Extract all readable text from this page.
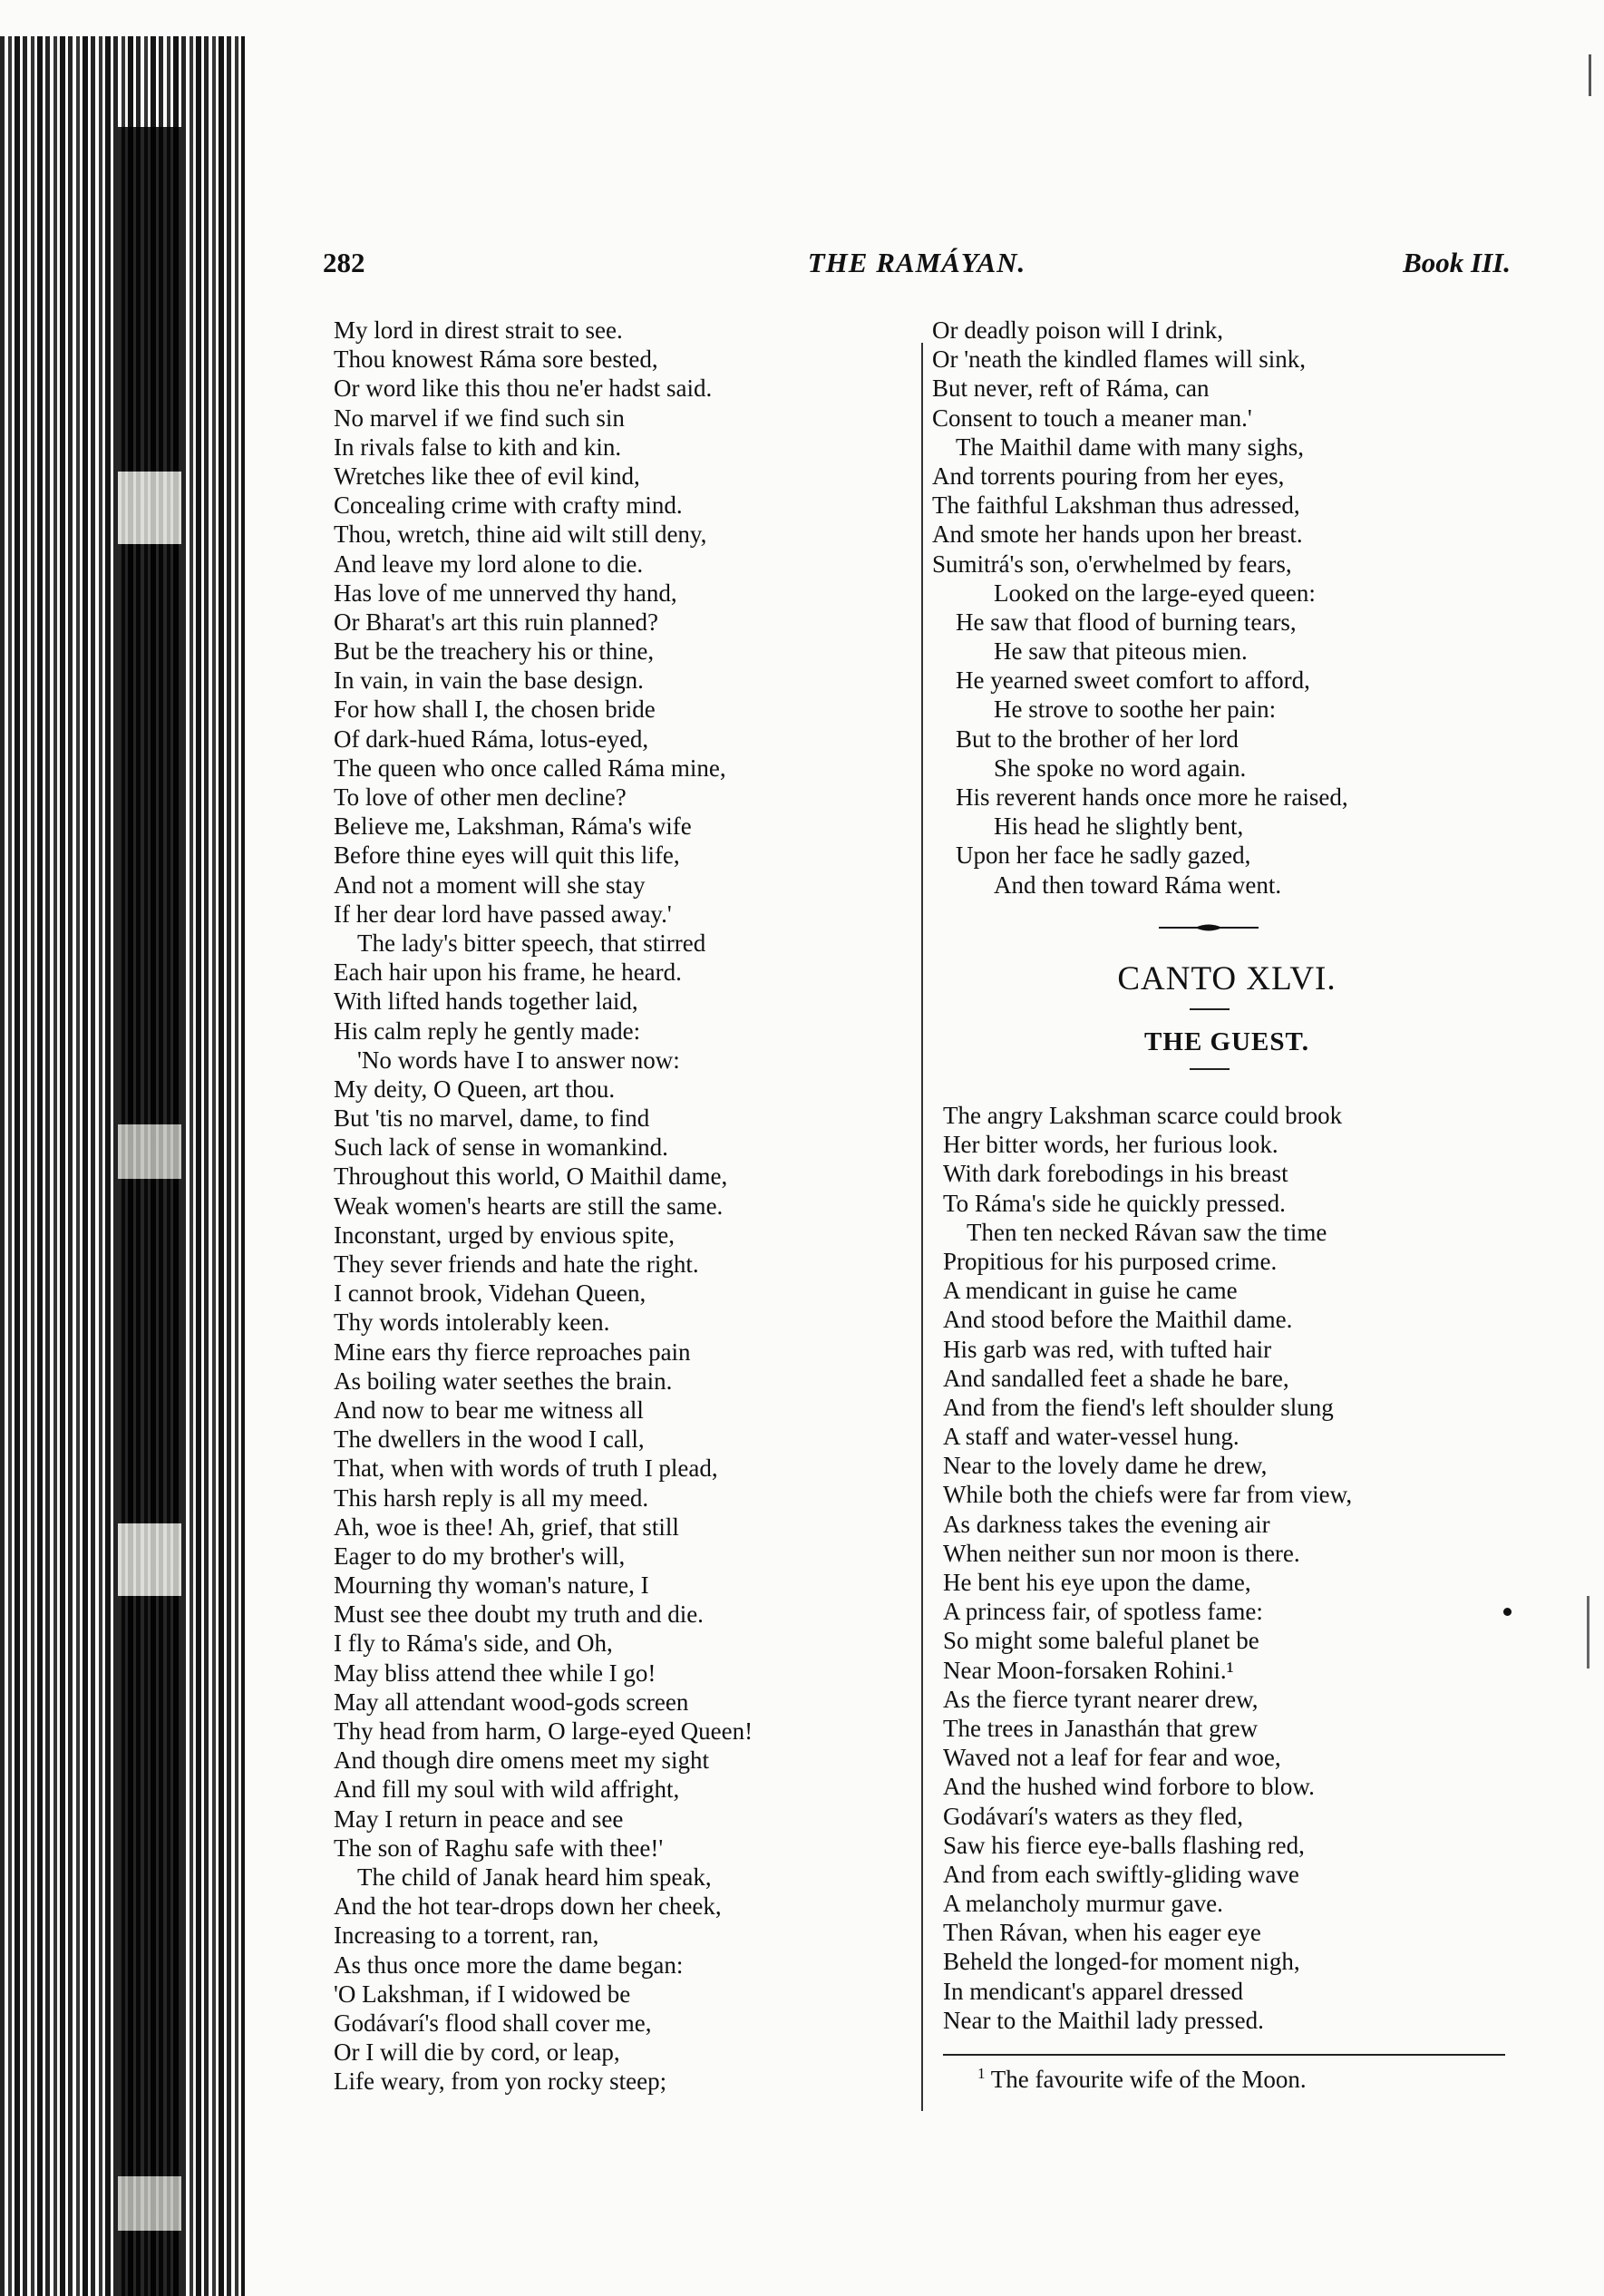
282	THE RAMÁYAN.	Book III.
My lord in direst strait to see.
Thou knowest Ráma sore bested,
Or word like this thou ne'er hadst said.
No marvel if we find such sin
In rivals false to kith and kin.
Wretches like thee of evil kind,
Concealing crime with crafty mind.
Thou, wretch, thine aid wilt still deny,
And leave my lord alone to die.
Has love of me unnerved thy hand,
Or Bharat's art this ruin planned?
But be the treachery his or thine,
In vain, in vain the base design.
For how shall I, the chosen bride
Of dark-hued Ráma, lotus-eyed,
The queen who once called Ráma mine,
To love of other men decline?
Believe me, Lakshman, Ráma's wife
Before thine eyes will quit this life,
And not a moment will she stay
If her dear lord have passed away.'
The lady's bitter speech, that stirred
Each hair upon his frame, he heard.
With lifted hands together laid,
His calm reply he gently made:
'No words have I to answer now:
My deity, O Queen, art thou.
But 'tis no marvel, dame, to find
Such lack of sense in womankind.
Throughout this world, O Maithil dame,
Weak women's hearts are still the same.
Inconstant, urged by envious spite,
They sever friends and hate the right.
I cannot brook, Videhan Queen,
Thy words intolerably keen.
Mine ears thy fierce reproaches pain
As boiling water seethes the brain.
And now to bear me witness all
The dwellers in the wood I call,
That, when with words of truth I plead,
This harsh reply is all my meed.
Ah, woe is thee! Ah, grief, that still
Eager to do my brother's will,
Mourning thy woman's nature, I
Must see thee doubt my truth and die.
I fly to Ráma's side, and Oh,
May bliss attend thee while I go!
May all attendant wood-gods screen
Thy head from harm, O large-eyed Queen!
And though dire omens meet my sight
And fill my soul with wild affright,
May I return in peace and see
The son of Raghu safe with thee!'
The child of Janak heard him speak,
And the hot tear-drops down her cheek,
Increasing to a torrent, ran,
As thus once more the dame began:
'O Lakshman, if I widowed be
Godávarí's flood shall cover me,
Or I will die by cord, or leap,
Life weary, from yon rocky steep;
Or deadly poison will I drink,
Or 'neath the kindled flames will sink,
But never, reft of Ráma, can
Consent to touch a meaner man.'
The Maithil dame with many sighs,
And torrents pouring from her eyes,
The faithful Lakshman thus adressed,
And smote her hands upon her breast.
Sumitrá's son, o'erwhelmed by fears,
Looked on the large-eyed queen:
He saw that flood of burning tears,
He saw that piteous mien.
He yearned sweet comfort to afford,
He strove to soothe her pain:
But to the brother of her lord
She spoke no word again.
His reverent hands once more he raised,
His head he slightly bent,
Upon her face he sadly gazed,
And then toward Ráma went.
CANTO XLVI.
THE GUEST.
The angry Lakshman scarce could brook
Her bitter words, her furious look.
With dark forebodings in his breast
To Ráma's side he quickly pressed.
Then ten necked Rávan saw the time
Propitious for his purposed crime.
A mendicant in guise he came
And stood before the Maithil dame.
His garb was red, with tufted hair
And sandalled feet a shade he bare,
And from the fiend's left shoulder slung
A staff and water-vessel hung.
Near to the lovely dame he drew,
While both the chiefs were far from view,
As darkness takes the evening air
When neither sun nor moon is there.
He bent his eye upon the dame,
A princess fair, of spotless fame:
So might some baleful planet be
Near Moon-forsaken Rohini.¹
As the fierce tyrant nearer drew,
The trees in Janasthán that grew
Waved not a leaf for fear and woe,
And the hushed wind forbore to blow.
Godávarí's waters as they fled,
Saw his fierce eye-balls flashing red,
And from each swiftly-gliding wave
A melancholy murmur gave.
Then Rávan, when his eager eye
Beheld the longed-for moment nigh,
In mendicant's apparel dressed
Near to the Maithil lady pressed.
$^1$ The favourite wife of the Moon.
